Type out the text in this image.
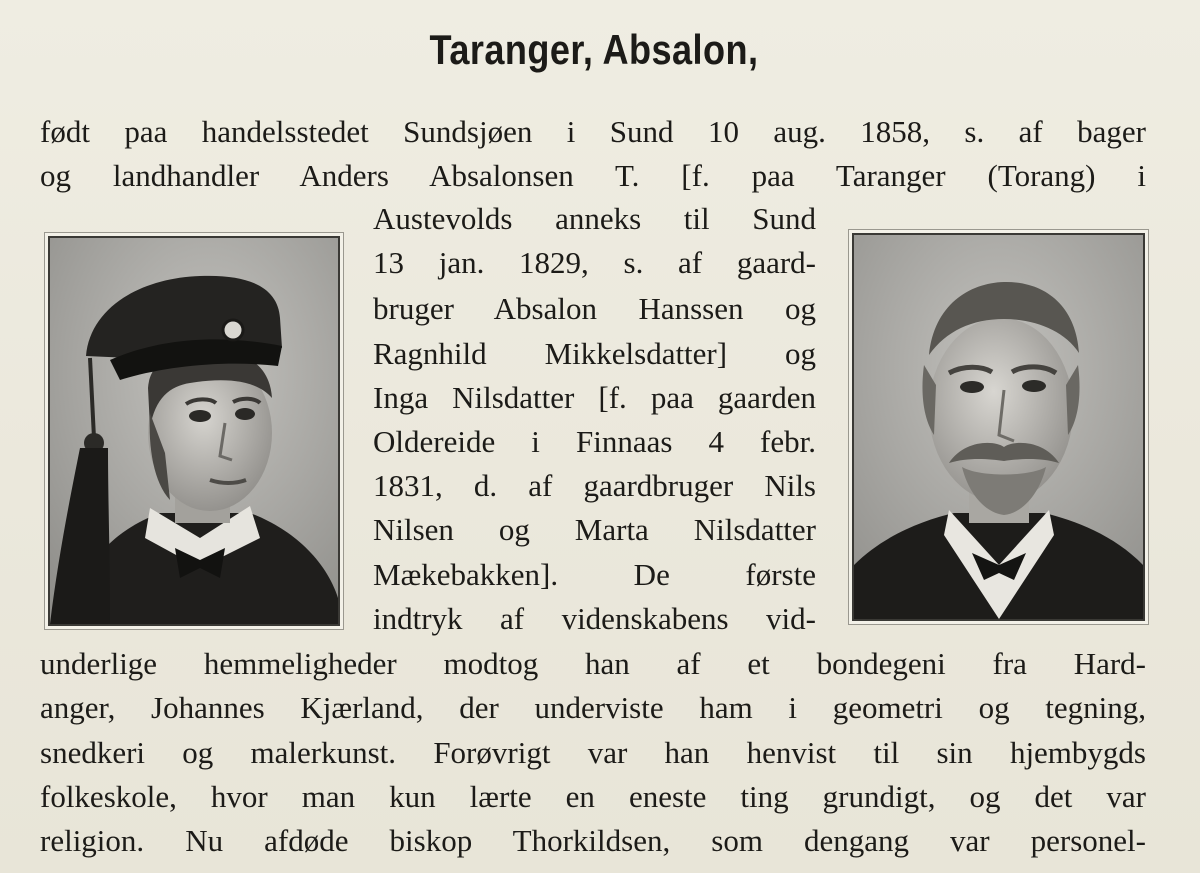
Taranger, Absalon,
født paa handelsstedet Sundsjøen i Sund 10 aug. 1858, s. af bager
og landhandler Anders Absalonsen T. [f. paa Taranger (Torang) i
Austevolds anneks til Sund
13 jan. 1829, s. af gaard-
bruger Absalon Hanssen og
Ragnhild Mikkelsdatter] og
Inga Nilsdatter [f. paa gaarden
Oldereide i Finnaas 4 febr.
1831, d. af gaardbruger Nils
Nilsen og Marta Nilsdatter
Mækebakken]. De første
indtryk af videnskabens vid-
underlige hemmeligheder modtog han af et bondegeni fra Hard-
anger, Johannes Kjærland, der underviste ham i geometri og tegning,
snedkeri og malerkunst. Forøvrigt var han henvist til sin hjembygds
folkeskole, hvor man kun lærte en eneste ting grundigt, og det var
religion. Nu afdøde biskop Thorkildsen, som dengang var personel-
